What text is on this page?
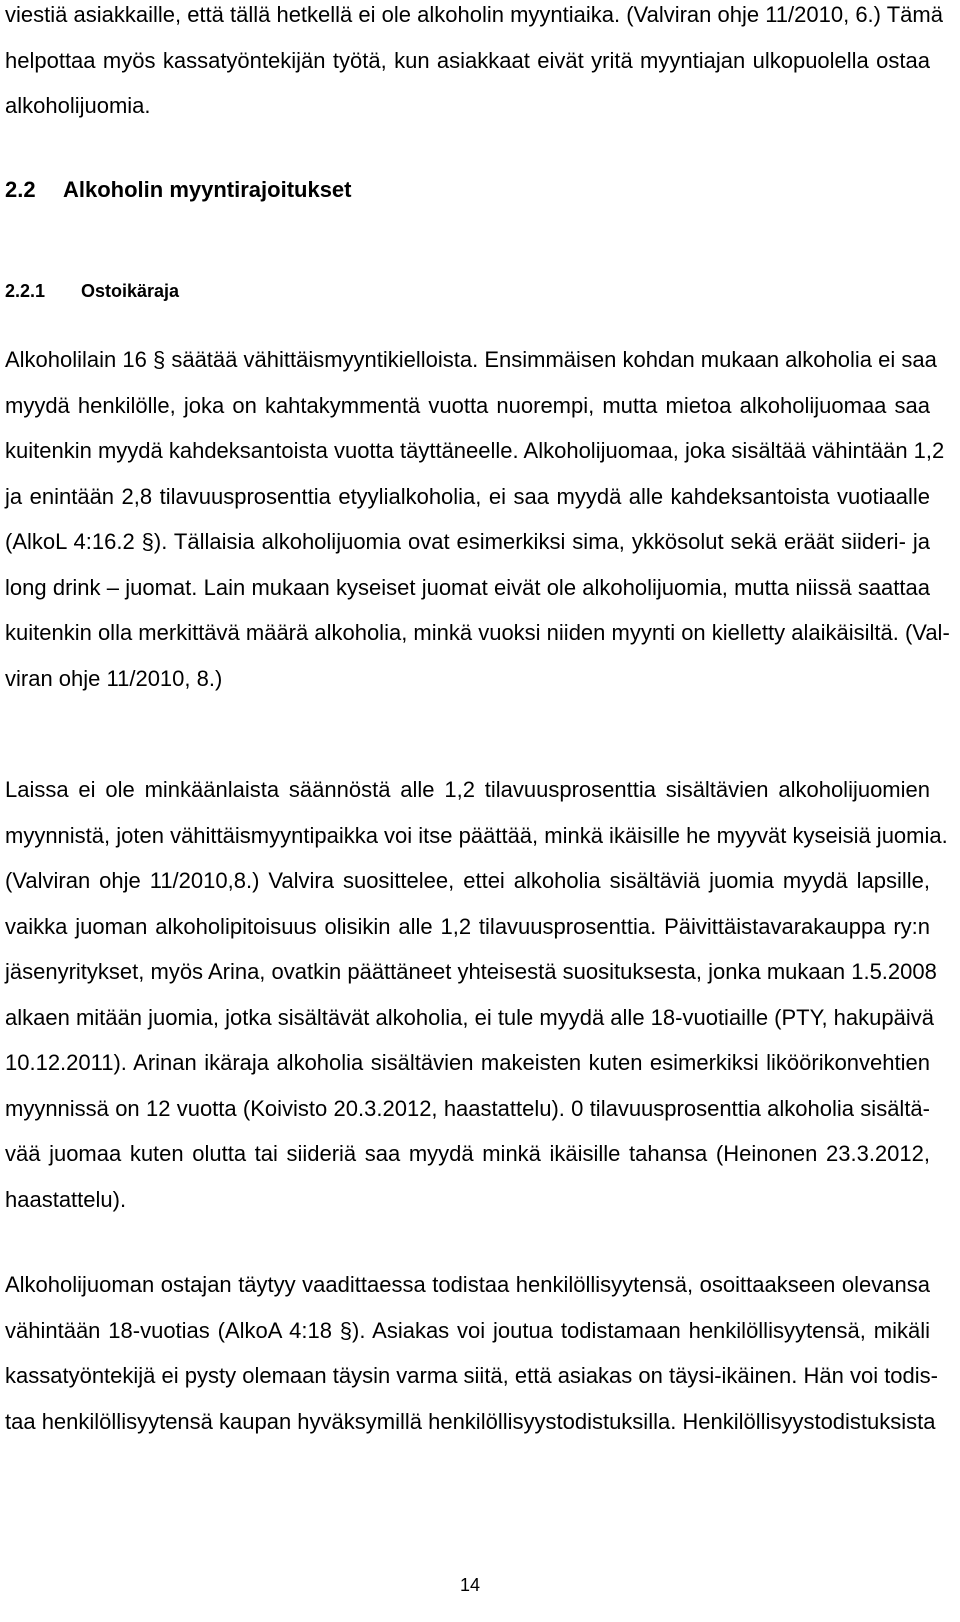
viestiä asiakkaille, että tällä hetkellä ei ole alkoholin myyntiaika. (Valviran ohje 11/2010, 6.) Tämä
helpottaa myös kassatyöntekijän työtä, kun asiakkaat eivät yritä myyntiajan ulkopuolella ostaa
alkoholijuomia.
2.2 Alkoholin myyntirajoitukset
2.2.1 Ostoikäraja
Alkoholilain 16 § säätää vähittäismyyntikielloista. Ensimmäisen kohdan mukaan alkoholia ei saa
myydä henkilölle, joka on kahtakymmentä vuotta nuorempi, mutta mietoa alkoholijuomaa saa
kuitenkin myydä kahdeksantoista vuotta täyttäneelle. Alkoholijuomaa, joka sisältää vähintään 1,2
ja enintään 2,8 tilavuusprosenttia etyylialkoholia, ei saa myydä alle kahdeksantoista vuotiaalle
(AlkoL 4:16.2 §). Tällaisia alkoholijuomia ovat esimerkiksi sima, ykkösolut sekä eräät siideri- ja
long drink – juomat. Lain mukaan kyseiset juomat eivät ole alkoholijuomia, mutta niissä saattaa
kuitenkin olla merkittävä määrä alkoholia, minkä vuoksi niiden myynti on kielletty alaikäisiltä. (Val-
viran ohje 11/2010, 8.)
Laissa ei ole minkäänlaista säännöstä alle 1,2 tilavuusprosenttia sisältävien alkoholijuomien
myynnistä, joten vähittäismyyntipaikka voi itse päättää, minkä ikäisille he myyvät kyseisiä juomia.
(Valviran ohje 11/2010,8.) Valvira suosittelee, ettei alkoholia sisältäviä juomia myydä lapsille,
vaikka juoman alkoholipitoisuus olisikin alle 1,2 tilavuusprosenttia. Päivittäistavarakauppa ry:n
jäsenyritykset, myös Arina, ovatkin päättäneet yhteisestä suosituksesta, jonka mukaan 1.5.2008
alkaen mitään juomia, jotka sisältävät alkoholia, ei tule myydä alle 18-vuotiaille (PTY, hakupäivä
10.12.2011). Arinan ikäraja alkoholia sisältävien makeisten kuten esimerkiksi liköörikonvehtien
myynnissä on 12 vuotta (Koivisto 20.3.2012, haastattelu). 0 tilavuusprosenttia alkoholia sisältä-
vää juomaa kuten olutta tai siideriä saa myydä minkä ikäisille tahansa (Heinonen 23.3.2012,
haastattelu).
Alkoholijuoman ostajan täytyy vaadittaessa todistaa henkilöllisyytensä, osoittaakseen olevansa
vähintään 18-vuotias (AlkoA 4:18 §). Asiakas voi joutua todistamaan henkilöllisyytensä, mikäli
kassatyöntekijä ei pysty olemaan täysin varma siitä, että asiakas on täysi-ikäinen. Hän voi todis-
taa henkilöllisyytensä kaupan hyväksymillä henkilöllisyystodistuksilla. Henkilöllisyystodistuksista
14
